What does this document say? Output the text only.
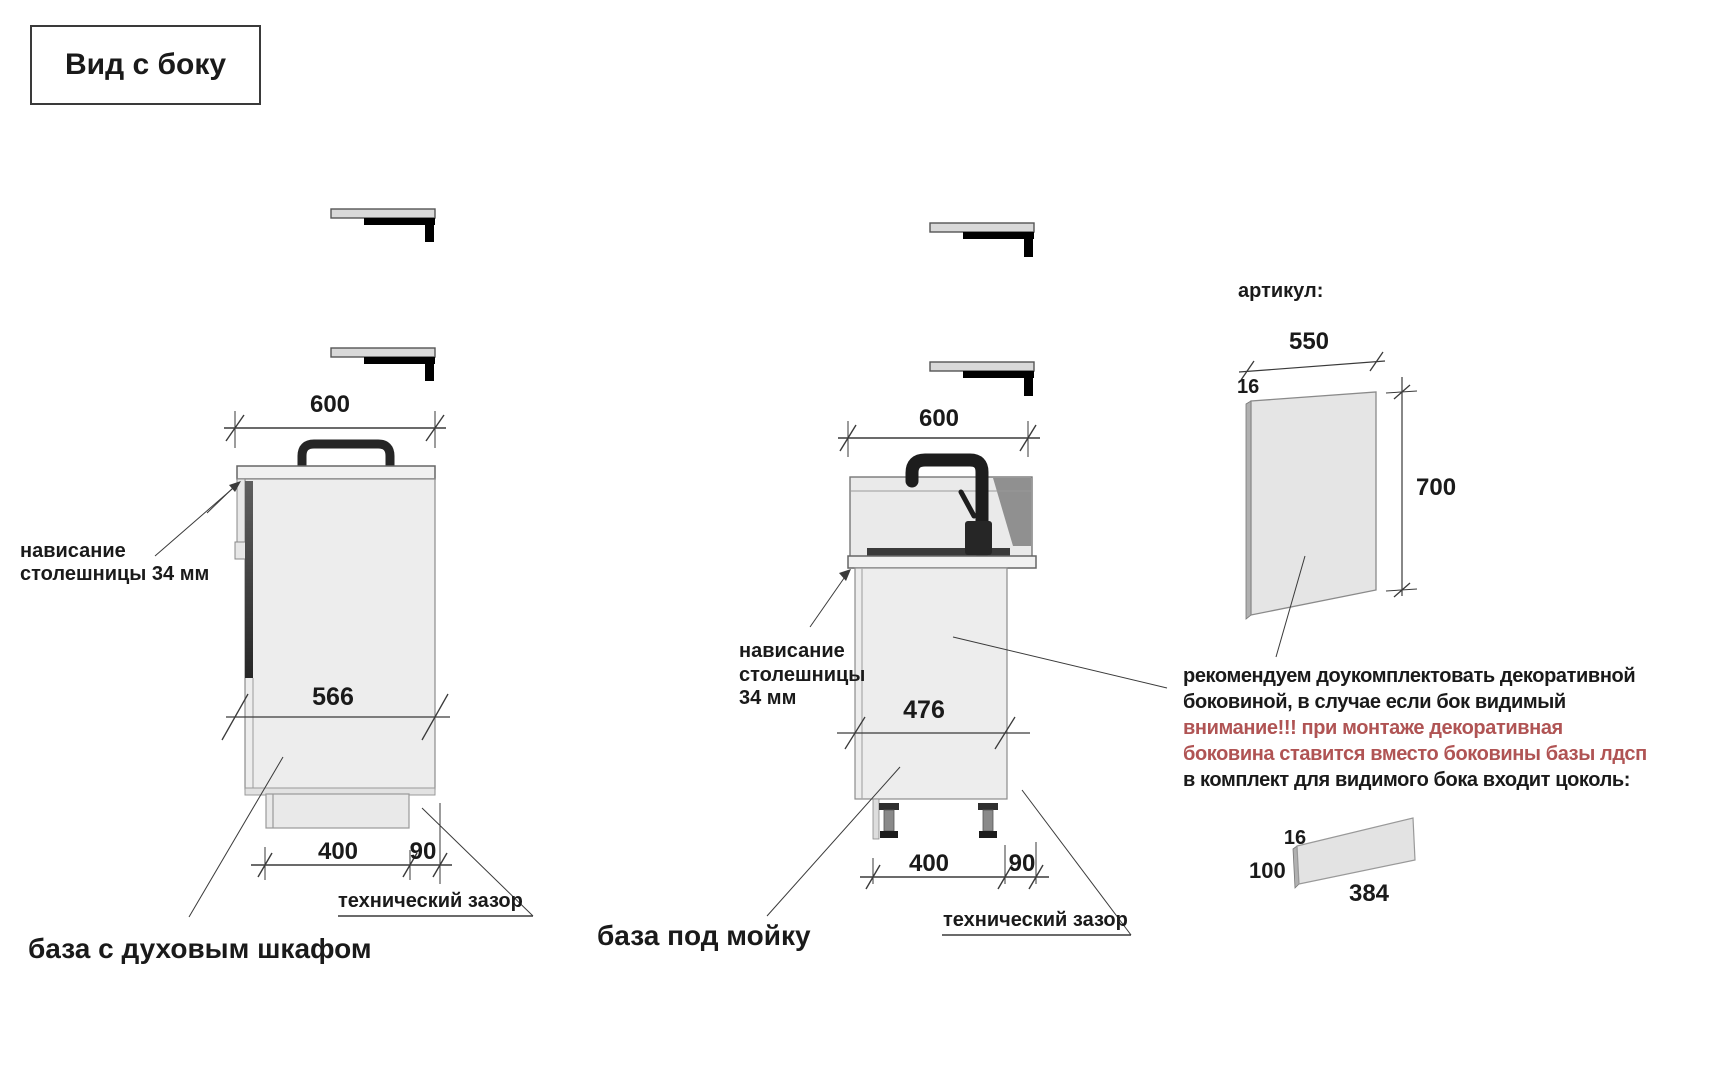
Вид с боку
нависание
столешницы 34 мм
600
566
400	90
технический зазор
база с духовым шкафом
600
нависание
столешницы
34 мм	476
400	90
технический зазор
база под мойку
артикул:
550
16
700
рекомендуем доукомплектовать декоративной
боковиной, в случае если бок видимый
внимание!!! при монтаже декоративная
боковина ставится вместо боковины базы лдсп
в комплект для видимого бока входит цоколь:
16
100
384
